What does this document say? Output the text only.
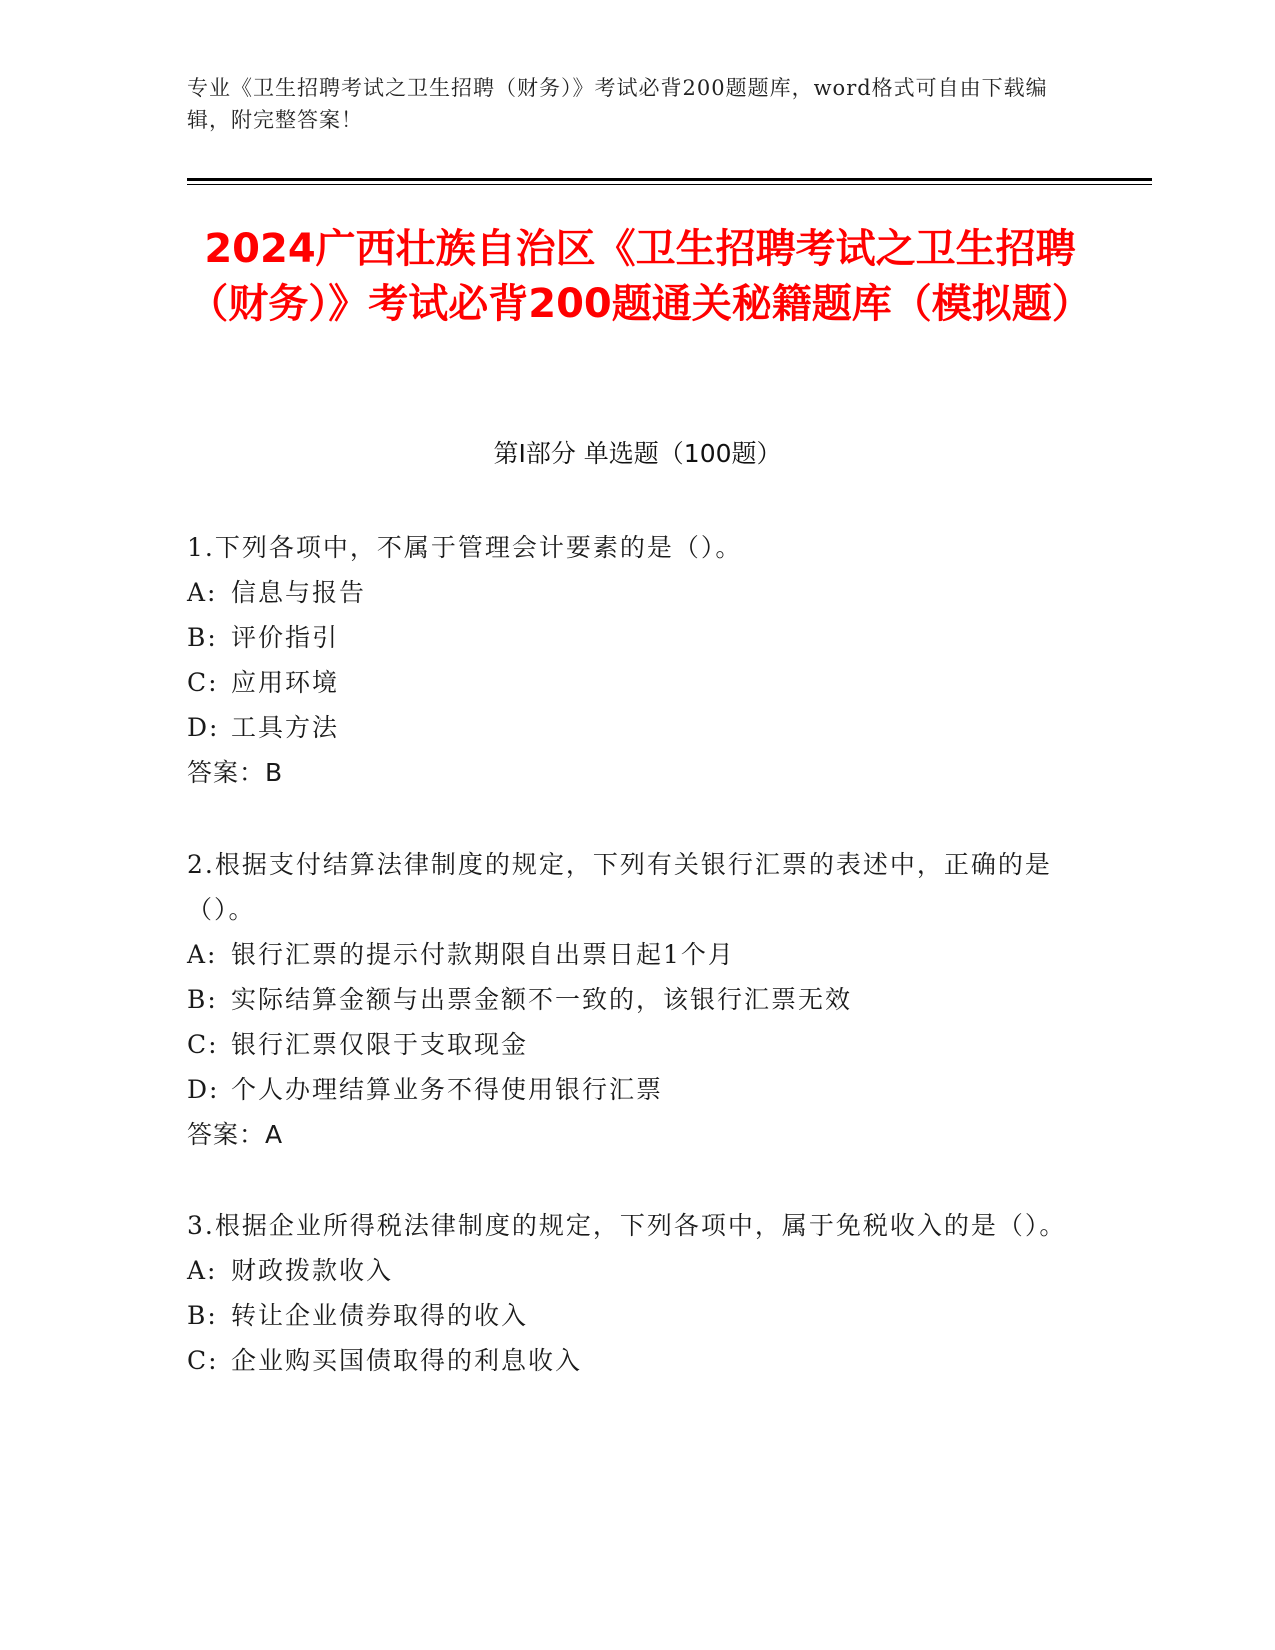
专业《卫生招聘考试之卫生招聘（财务）》考试必背200题题库，word格式可自由下载编辑，附完整答案！
2024广西壮族自治区《卫生招聘考试之卫生招聘（财务）》考试必背200题通关秘籍题库（模拟题）
第Ⅰ部分 单选题（100题）
1.下列各项中，不属于管理会计要素的是（）。
A: 信息与报告
B: 评价指引
C: 应用环境
D: 工具方法
答案：B
2.根据支付结算法律制度的规定，下列有关银行汇票的表述中，正确的是（）。
A: 银行汇票的提示付款期限自出票日起1个月
B: 实际结算金额与出票金额不一致的，该银行汇票无效
C: 银行汇票仅限于支取现金
D: 个人办理结算业务不得使用银行汇票
答案：A
3.根据企业所得税法律制度的规定，下列各项中，属于免税收入的是（）。
A: 财政拨款收入
B: 转让企业债券取得的收入
C: 企业购买国债取得的利息收入
